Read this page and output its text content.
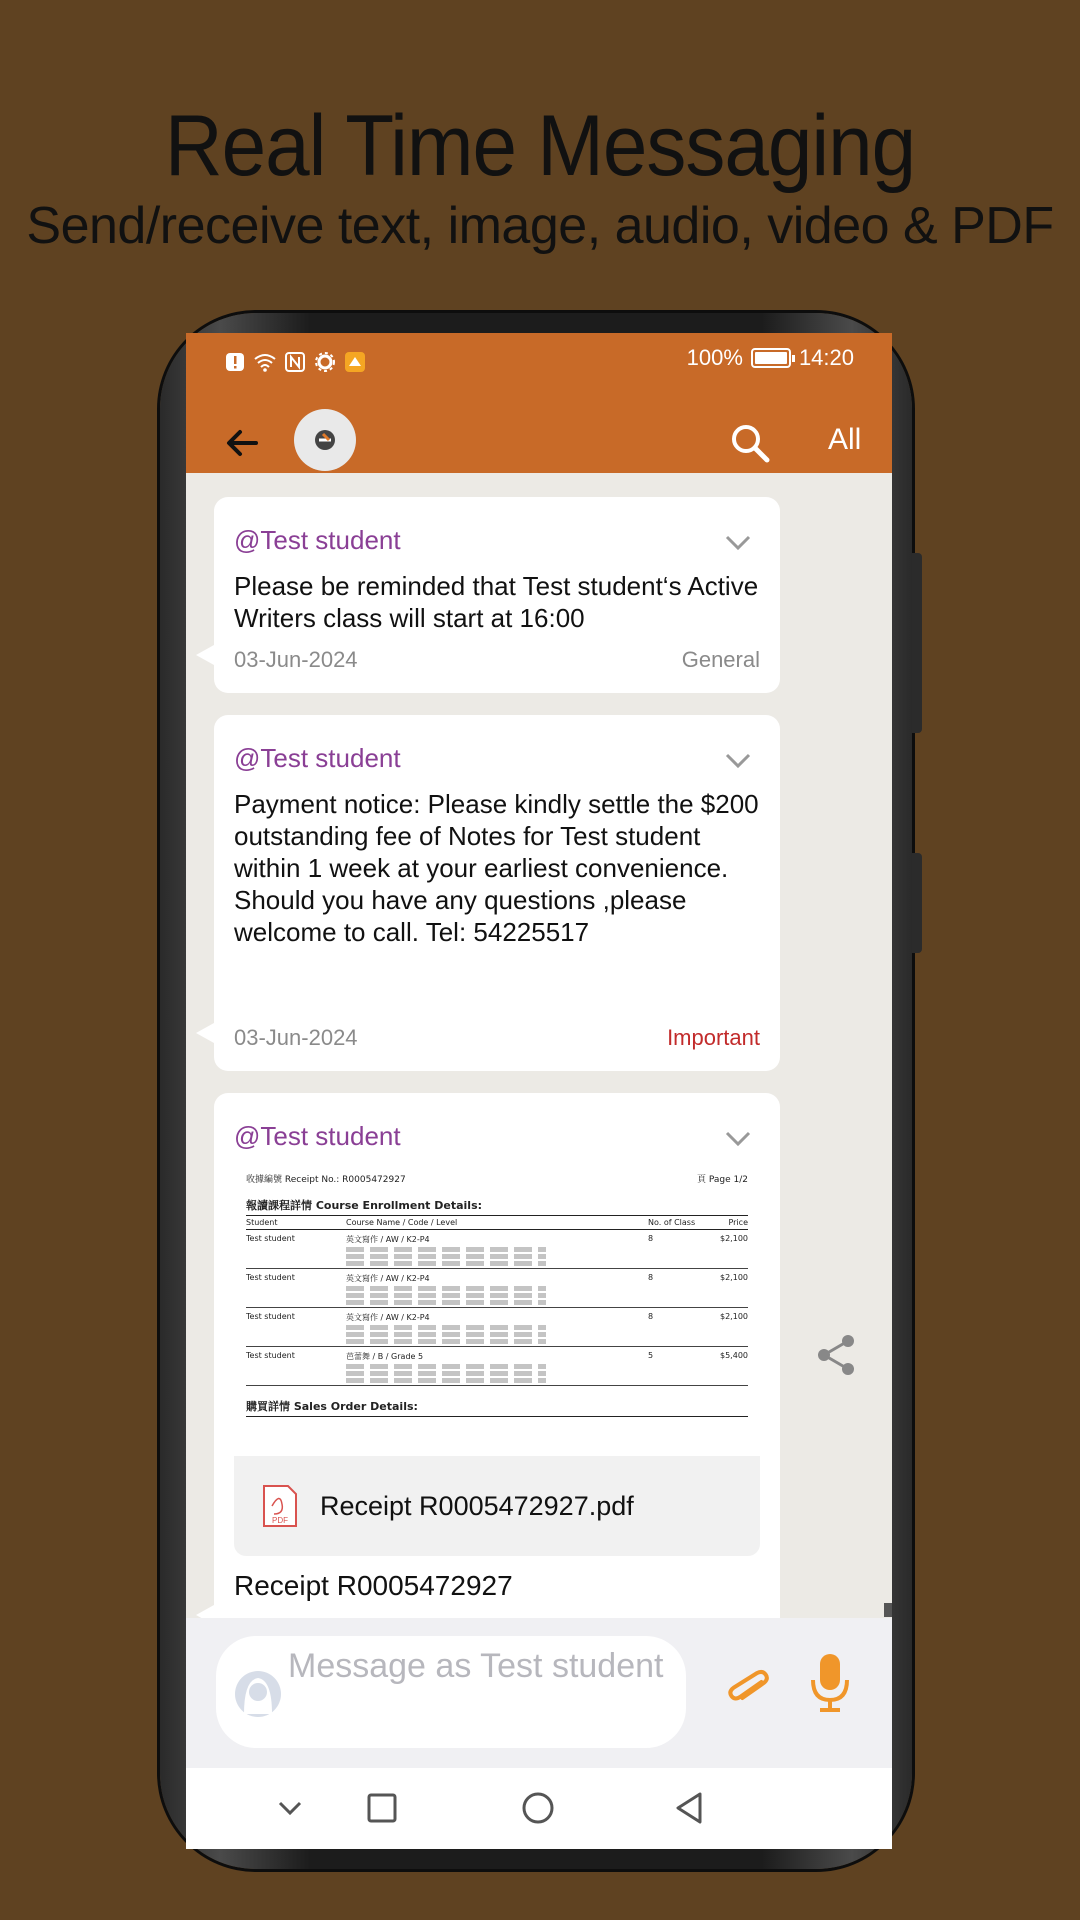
Real Time Messaging
Send/receive text, image, audio, video & PDF
100%	14:20
All
@Test student
Please be reminded that Test student‘s Active Writers class will start at 16:00
03-Jun-2024	General
@Test student
Payment notice: Please kindly settle the $200 outstanding fee of Notes for Test student within 1 week at your earliest convenience. Should you have any questions ,please welcome to call. Tel: 54225517
03-Jun-2024	Important
@Test student
收據編號 Receipt No.: R0005472927	頁 Page 1/2
報讀課程詳情 Course Enrollment Details:
Student	Course Name / Code / Level	No. of Class	Price
Test student	英文寫作 / AW / K2-P4	8	$2,100
Test student	英文寫作 / AW / K2-P4	8	$2,100
Test student	英文寫作 / AW / K2-P4	8	$2,100
Test student	芭蕾舞 / B / Grade 5	5	$5,400
購買詳情 Sales Order Details:
PDF Receipt R0005472927.pdf
Receipt R0005472927
Message as Test student
